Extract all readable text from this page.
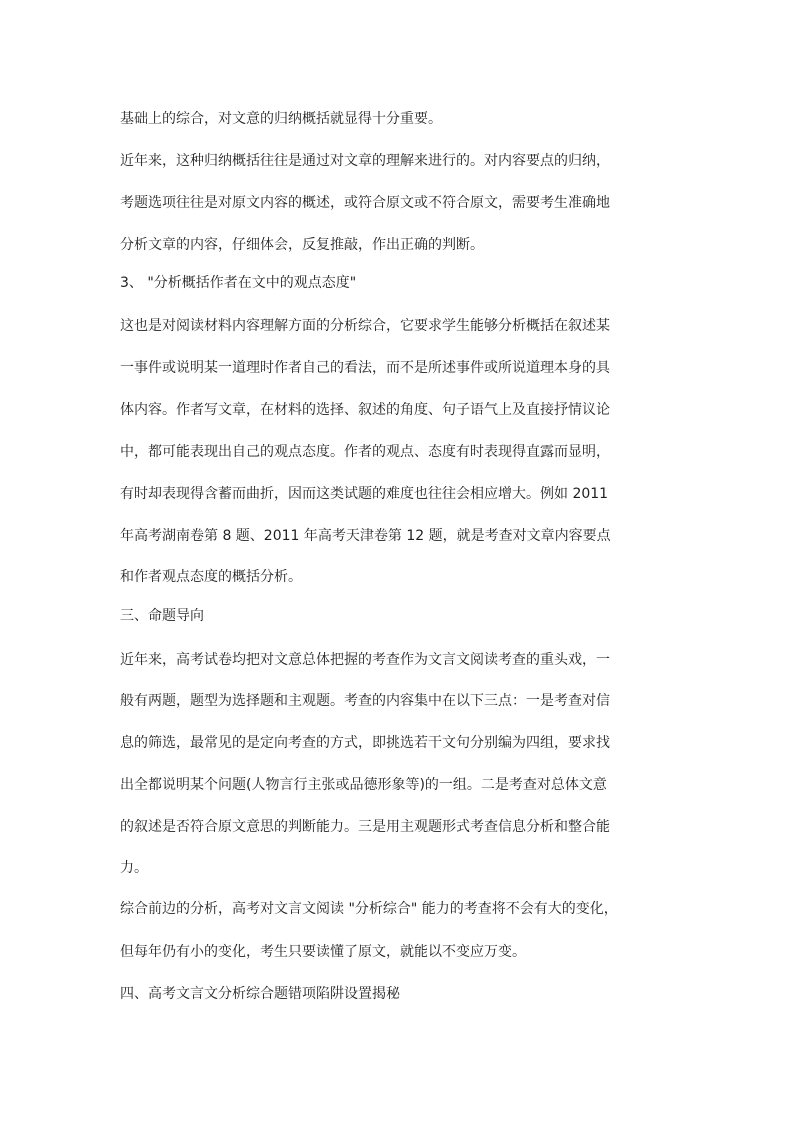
基础上的综合，对文意的归纳概括就显得十分重要。
近年来，这种归纳概括往往是通过对文章的理解来进行的。对内容要点的归纳，
考题选项往往是对原文内容的概述，或符合原文或不符合原文，需要考生准确地
分析文章的内容，仔细体会，反复推敲，作出正确的判断。
3、 "分析概括作者在文中的观点态度"
这也是对阅读材料内容理解方面的分析综合，它要求学生能够分析概括在叙述某
一事件或说明某一道理时作者自己的看法，而不是所述事件或所说道理本身的具
体内容。作者写文章，在材料的选择、叙述的角度、句子语气上及直接抒情议论
中，都可能表现出自己的观点态度。作者的观点、态度有时表现得直露而显明，
有时却表现得含蓄而曲折，因而这类试题的难度也往往会相应增大。例如 2011
年高考湖南卷第 8 题、2011 年高考天津卷第 12 题，就是考查对文章内容要点
和作者观点态度的概括分析。
三、命题导向
近年来，高考试卷均把对文意总体把握的考查作为文言文阅读考查的重头戏，一
般有两题，题型为选择题和主观题。考查的内容集中在以下三点：一是考查对信
息的筛选，最常见的是定向考查的方式，即挑选若干文句分别编为四组，要求找
出全都说明某个问题(人物言行主张或品德形象等)的一组。二是考查对总体文意
的叙述是否符合原文意思的判断能力。三是用主观题形式考查信息分析和整合能
力。
综合前边的分析，高考对文言文阅读 "分析综合" 能力的考查将不会有大的变化，
但每年仍有小的变化，考生只要读懂了原文，就能以不变应万变。
四、高考文言文分析综合题错项陷阱设置揭秘
